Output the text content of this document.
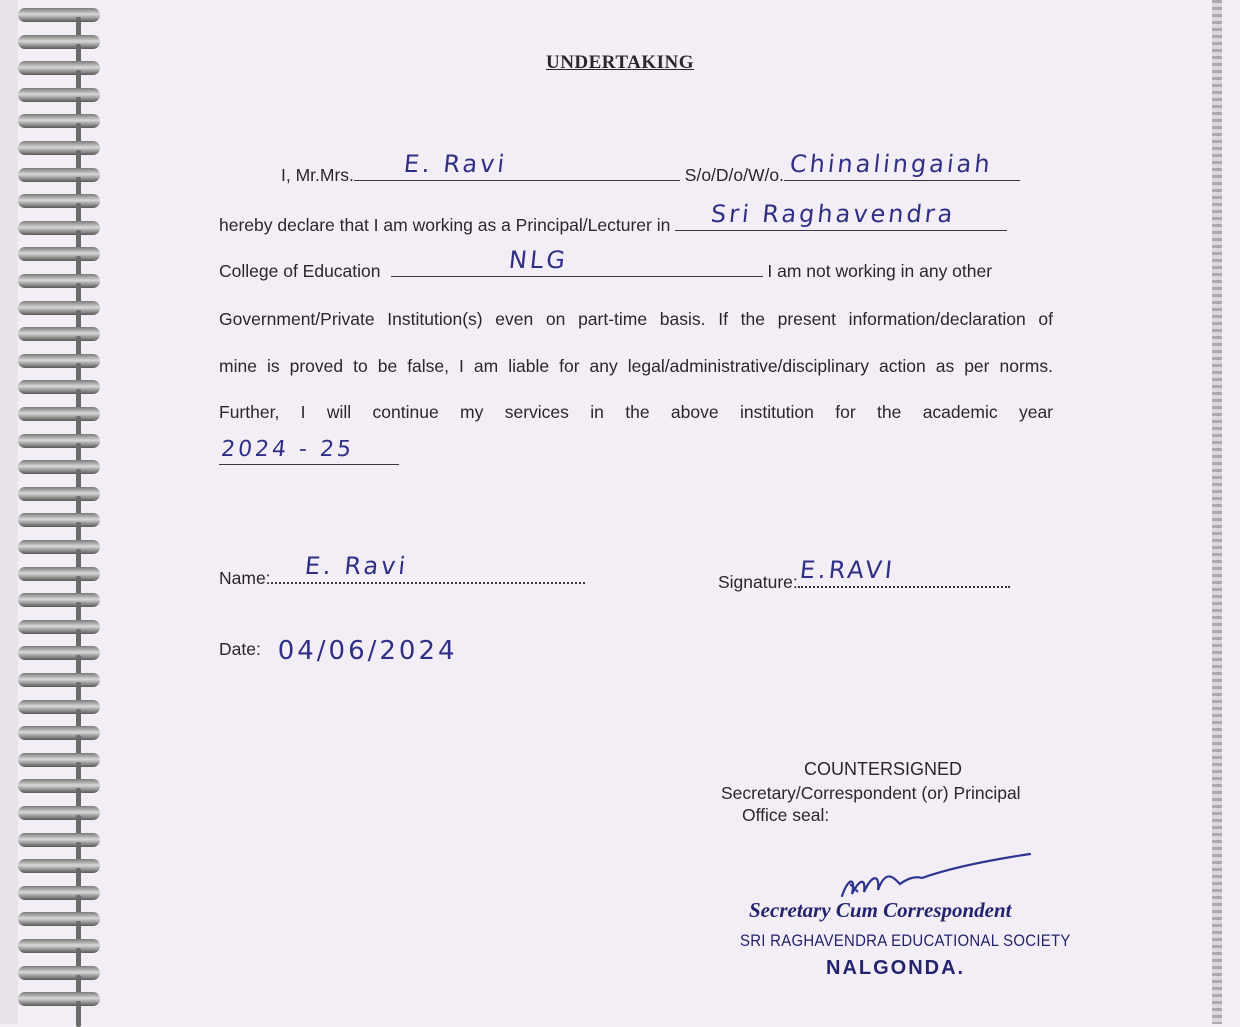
UNDERTAKING
I, Mr.Mrs. E. Ravi	S/o/D/o/W/o. Chinalingaiah
hereby declare that I am working as a Principal/Lecturer in Sri Raghavendra
College of Education	NLG	I am not working in any other
Government/Private Institution(s) even on part-time basis. If the present information/declaration of
mine is proved to be false, I am liable for any legal/administrative/disciplinary action as per norms.
Further, I will continue my services in the above institution for the academic year
2024 - 25
Name: E. Ravi
Signature: E.RAVI
Date: 04/06/2024
COUNTERSIGNED
Secretary/Correspondent (or) Principal
Office seal:
Secretary Cum Correspondent
SRI RAGHAVENDRA EDUCATIONAL SOCIETY
NALGONDA.
